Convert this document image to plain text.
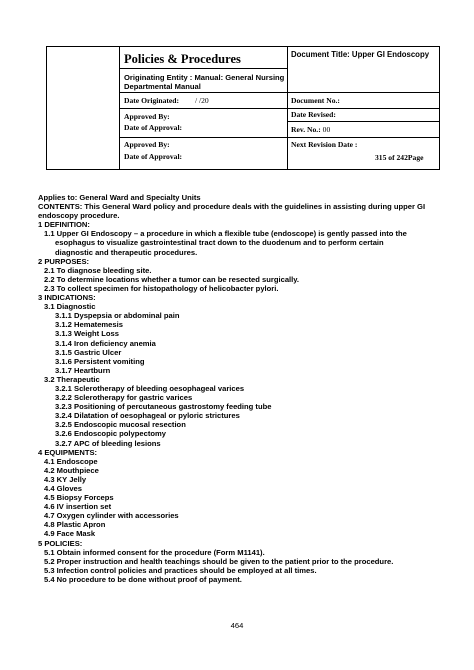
Policies & Procedures
Originating Entity : Manual: General Nursing Departmental Manual
Document Title: Upper GI Endoscopy
Date Originated: / /20	Document No.:
Approved By:
Date of Approval:
Date Revised:
Rev. No.: 00
Approved By:
Date of Approval:
Next Revision Date :
315 of 242Page
Applies to: General Ward and Specialty Units
CONTENTS: This General Ward policy and procedure deals with the guidelines in assisting during upper GI endoscopy procedure.
1 DEFINITION:
1.1 Upper GI Endoscopy – a procedure in which a flexible tube (endoscope) is gently passed into the
esophagus to visualize gastrointestinal tract down to the duodenum and to perform certain
diagnostic and therapeutic procedures.
2 PURPOSES:
2.1 To diagnose bleeding site.
2.2 To determine locations whether a tumor can be resected surgically.
2.3 To collect specimen for histopathology of helicobacter pylori.
3 INDICATIONS:
3.1 Diagnostic
3.1.1 Dyspepsia or abdominal pain
3.1.2 Hematemesis
3.1.3 Weight Loss
3.1.4 Iron deficiency anemia
3.1.5 Gastric Ulcer
3.1.6 Persistent vomiting
3.1.7 Heartburn
3.2 Therapeutic
3.2.1 Sclerotherapy of bleeding oesophageal varices
3.2.2 Sclerotherapy for gastric varices
3.2.3 Positioning of percutaneous gastrostomy feeding tube
3.2.4 Dilatation of oesophageal or pyloric strictures
3.2.5 Endoscopic mucosal resection
3.2.6 Endoscopic polypectomy
3.2.7 APC of bleeding lesions
4 EQUIPMENTS:
4.1 Endoscope
4.2 Mouthpiece
4.3 KY Jelly
4.4 Gloves
4.5 Biopsy Forceps
4.6 IV insertion set
4.7 Oxygen cylinder with accessories
4.8 Plastic Apron
4.9 Face Mask
5 POLICIES:
5.1 Obtain informed consent for the procedure (Form M1141).
5.2 Proper instruction and health teachings should be given to the patient prior to the procedure.
5.3 Infection control policies and practices should be employed at all times.
5.4 No procedure to be done without proof of payment.
464
